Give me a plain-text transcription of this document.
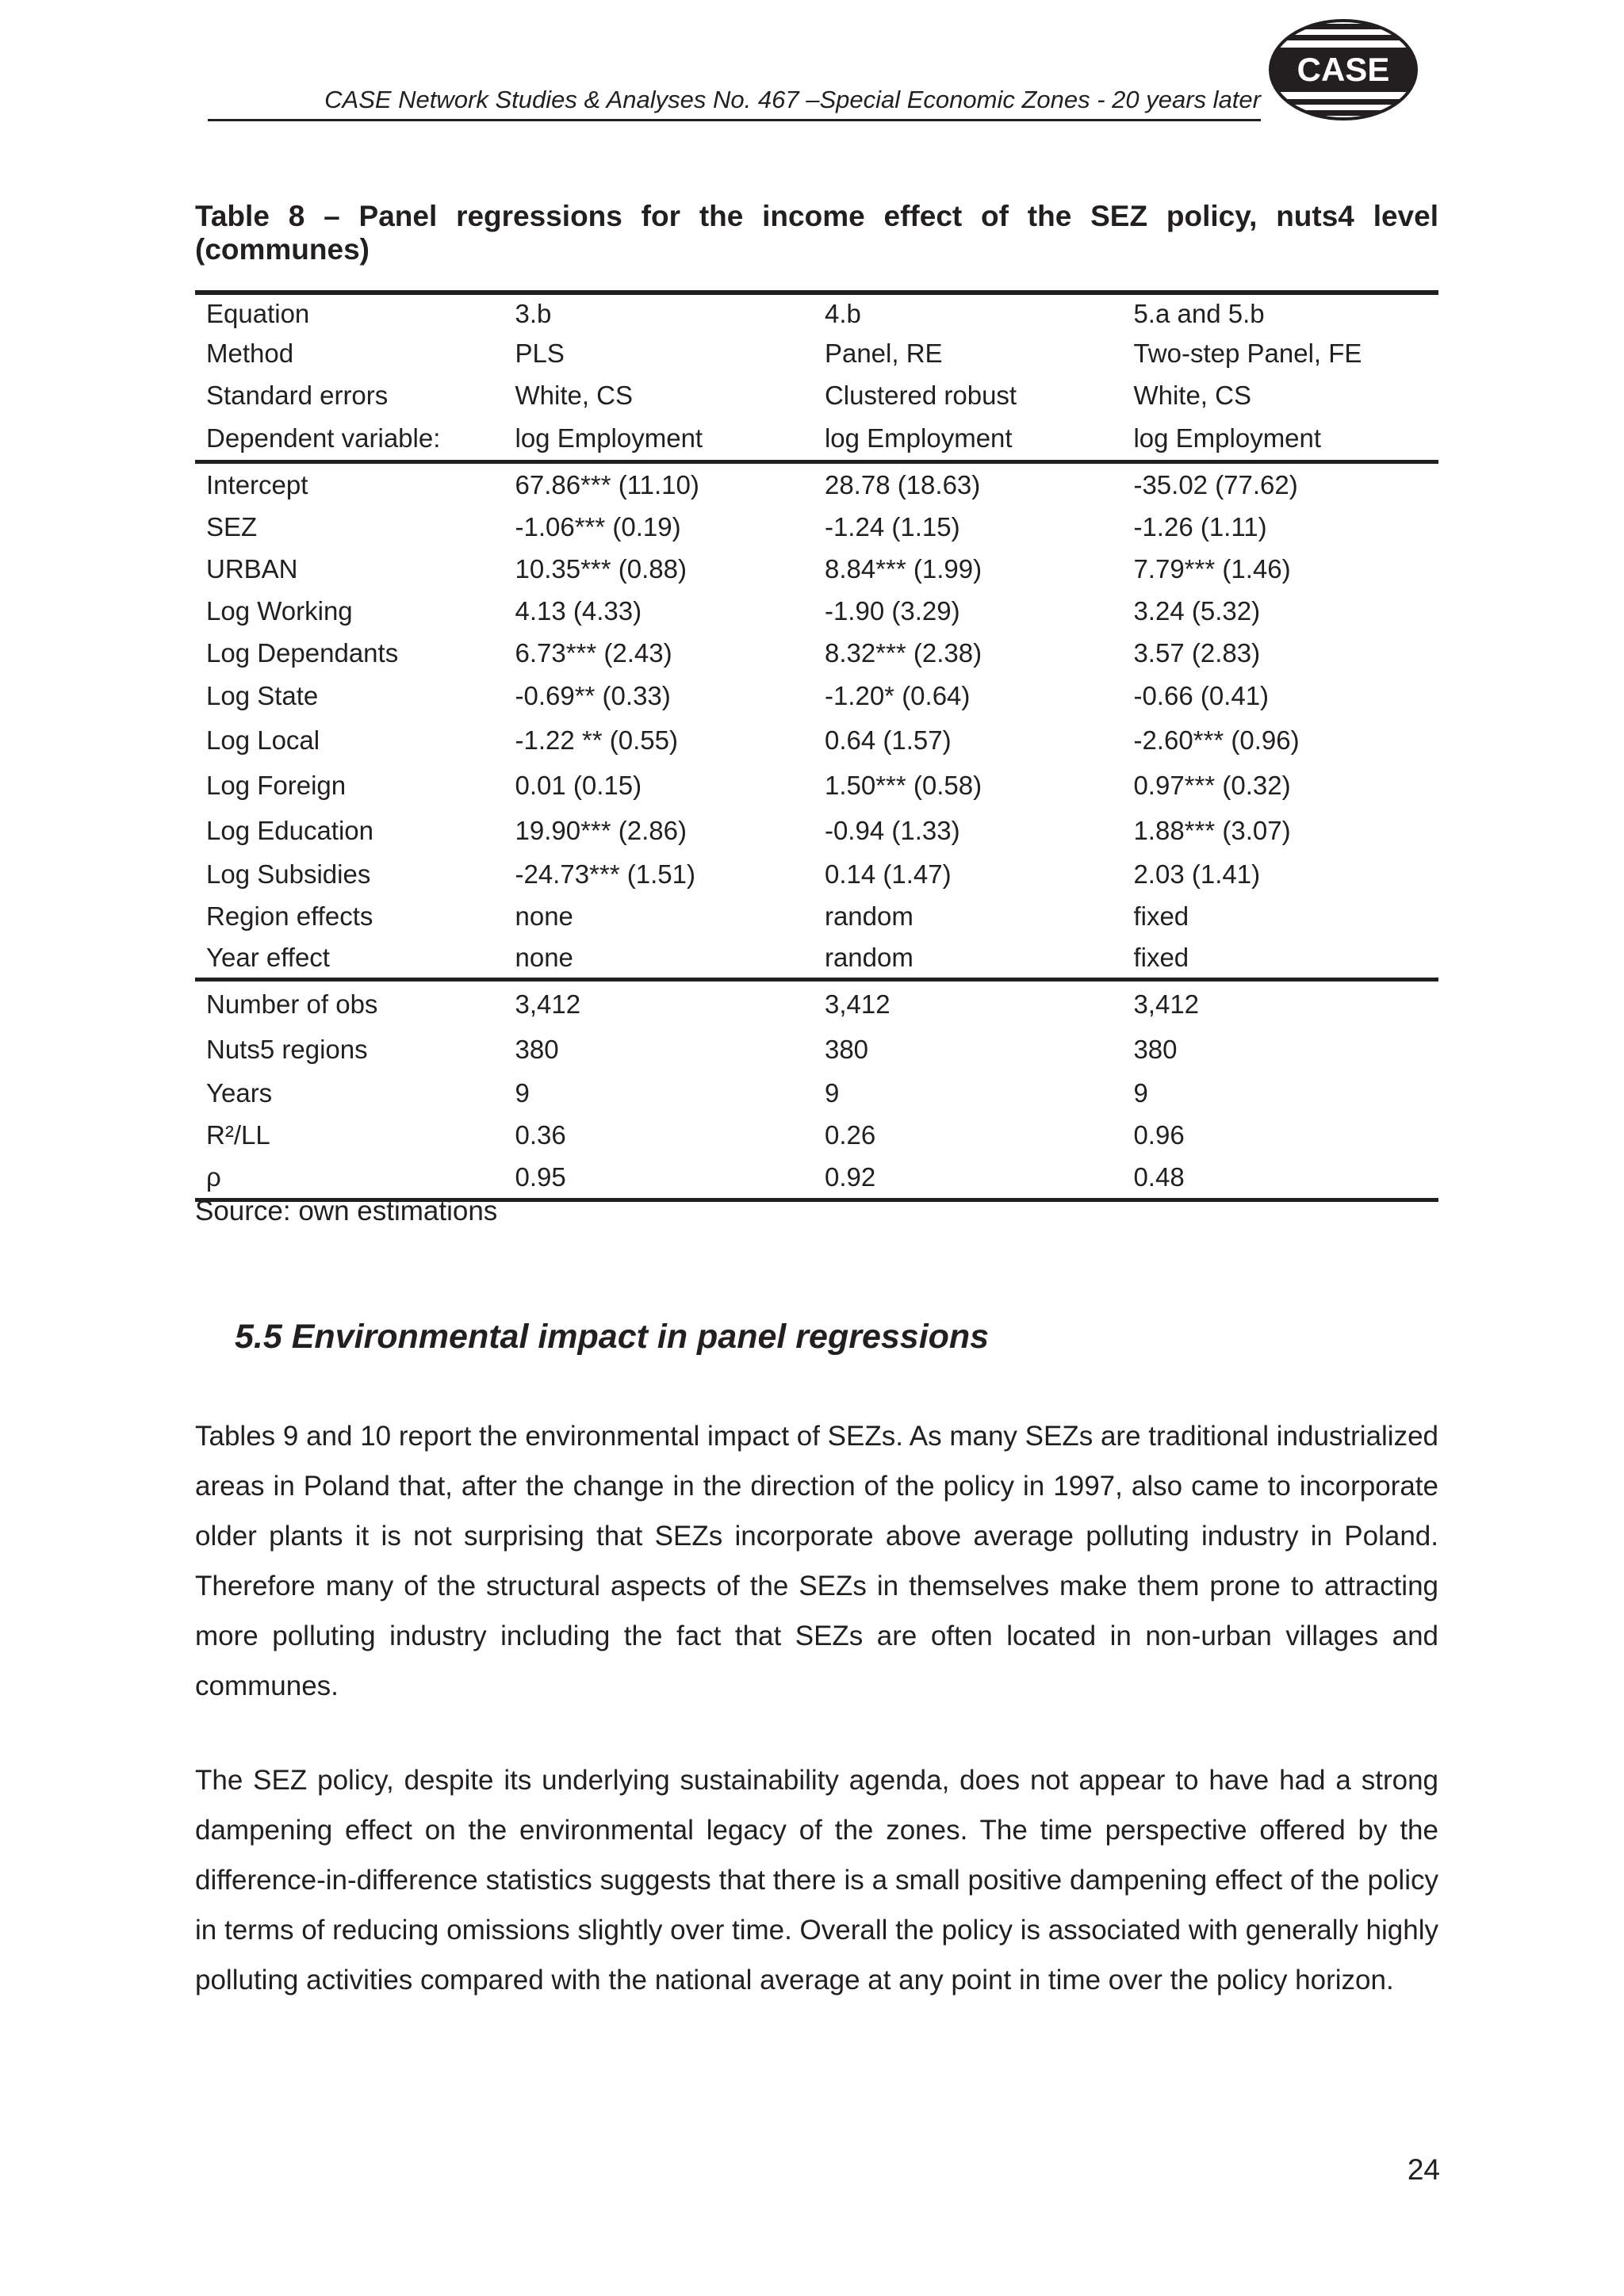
CASE Network Studies & Analyses No. 467 –Special Economic Zones - 20 years later
CASE
Table 8 – Panel regressions for the income effect of the SEZ policy, nuts4 level (communes)
Equation	3.b	4.b	5.a and 5.b
Method	PLS	Panel, RE	Two-step Panel, FE
Standard errors	White, CS	Clustered robust	White, CS
Dependent variable:	log Employment	log Employment	log Employment
Intercept	67.86*** (11.10)	28.78 (18.63)	-35.02 (77.62)
SEZ	-1.06*** (0.19)	-1.24 (1.15)	-1.26 (1.11)
URBAN	10.35*** (0.88)	8.84*** (1.99)	7.79*** (1.46)
Log Working	4.13 (4.33)	-1.90 (3.29)	3.24 (5.32)
Log Dependants	6.73*** (2.43)	8.32*** (2.38)	3.57 (2.83)
Log State	-0.69** (0.33)	-1.20* (0.64)	-0.66 (0.41)
Log Local	-1.22 ** (0.55)	0.64 (1.57)	-2.60*** (0.96)
Log Foreign	0.01 (0.15)	1.50*** (0.58)	0.97*** (0.32)
Log Education	19.90*** (2.86)	-0.94 (1.33)	1.88*** (3.07)
Log Subsidies	-24.73*** (1.51)	0.14 (1.47)	2.03 (1.41)
Region effects	none	random	fixed
Year effect	none	random	fixed
Number of obs	3,412	3,412	3,412
Nuts5 regions	380	380	380
Years	9	9	9
R²/LL	0.36	0.26	0.96
ρ	0.95	0.92	0.48
Source: own estimations
5.5 Environmental impact in panel regressions

Tables 9 and 10 report the environmental impact of SEZs. As many SEZs are traditional industrialized areas in Poland that, after the change in the direction of the policy in 1997, also came to incorporate older plants it is not surprising that SEZs incorporate above average polluting industry in Poland. Therefore many of the structural aspects of the SEZs in themselves make them prone to attracting more polluting industry including the fact that SEZs are often located in non-urban villages and communes.

The SEZ policy, despite its underlying sustainability agenda, does not appear to have had a strong dampening effect on the environmental legacy of the zones. The time perspective offered by the difference-in-difference statistics suggests that there is a small positive dampening effect of the policy in terms of reducing omissions slightly over time. Overall the policy is associated with generally highly polluting activities compared with the national average at any point in time over the policy horizon.

24
